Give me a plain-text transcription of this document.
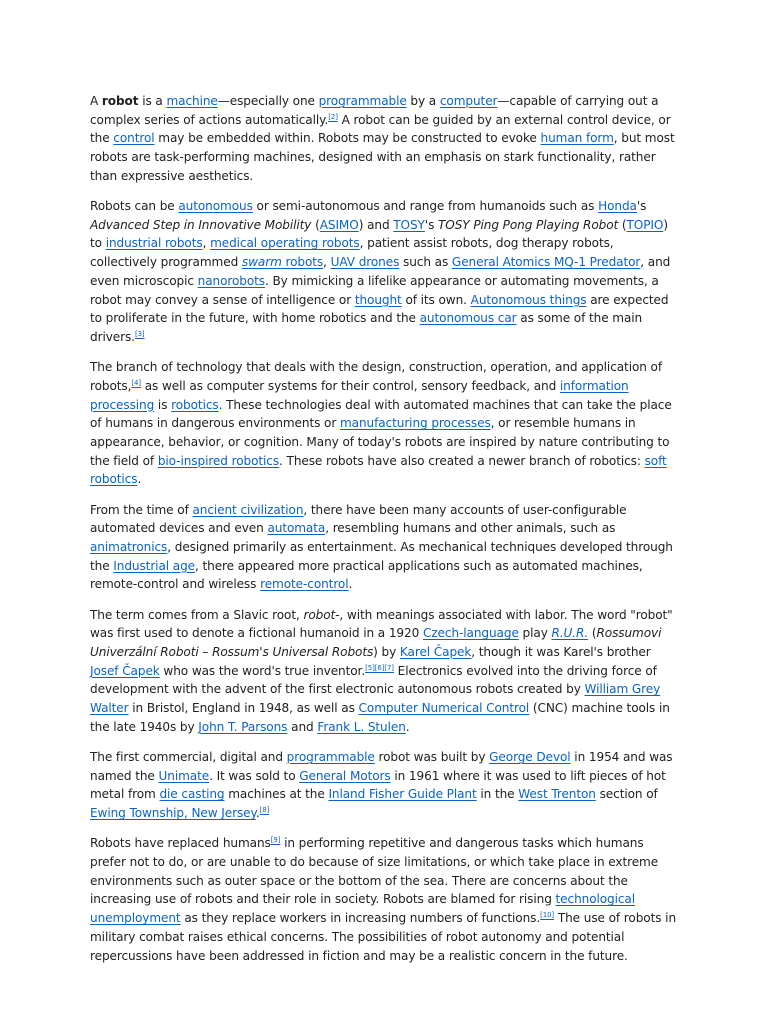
A robot is a machine—especially one programmable by a computer—capable of carrying out a complex series of actions automatically.[2] A robot can be guided by an external control device, or the control may be embedded within. Robots may be constructed to evoke human form, but most robots are task-performing machines, designed with an emphasis on stark functionality, rather than expressive aesthetics.

Robots can be autonomous or semi-autonomous and range from humanoids such as Honda's Advanced Step in Innovative Mobility (ASIMO) and TOSY's TOSY Ping Pong Playing Robot (TOPIO) to industrial robots, medical operating robots, patient assist robots, dog therapy robots, collectively programmed swarm robots, UAV drones such as General Atomics MQ-1 Predator, and even microscopic nanorobots. By mimicking a lifelike appearance or automating movements, a robot may convey a sense of intelligence or thought of its own. Autonomous things are expected to proliferate in the future, with home robotics and the autonomous car as some of the main drivers.[3]

The branch of technology that deals with the design, construction, operation, and application of robots,[4] as well as computer systems for their control, sensory feedback, and information processing is robotics. These technologies deal with automated machines that can take the place of humans in dangerous environments or manufacturing processes, or resemble humans in appearance, behavior, or cognition. Many of today's robots are inspired by nature contributing to the field of bio-inspired robotics. These robots have also created a newer branch of robotics: soft robotics.

From the time of ancient civilization, there have been many accounts of user-configurable automated devices and even automata, resembling humans and other animals, such as animatronics, designed primarily as entertainment. As mechanical techniques developed through the Industrial age, there appeared more practical applications such as automated machines, remote-control and wireless remote-control.

The term comes from a Slavic root, robot-, with meanings associated with labor. The word "robot" was first used to denote a fictional humanoid in a 1920 Czech-language play R.U.R. (Rossumovi Univerzální Roboti – Rossum's Universal Robots) by Karel Čapek, though it was Karel's brother Josef Čapek who was the word's true inventor.[5][6][7] Electronics evolved into the driving force of development with the advent of the first electronic autonomous robots created by William Grey Walter in Bristol, England in 1948, as well as Computer Numerical Control (CNC) machine tools in the late 1940s by John T. Parsons and Frank L. Stulen.

The first commercial, digital and programmable robot was built by George Devol in 1954 and was named the Unimate. It was sold to General Motors in 1961 where it was used to lift pieces of hot metal from die casting machines at the Inland Fisher Guide Plant in the West Trenton section of Ewing Township, New Jersey.[8]

Robots have replaced humans[9] in performing repetitive and dangerous tasks which humans prefer not to do, or are unable to do because of size limitations, or which take place in extreme environments such as outer space or the bottom of the sea. There are concerns about the increasing use of robots and their role in society. Robots are blamed for rising technological unemployment as they replace workers in increasing numbers of functions.[10] The use of robots in military combat raises ethical concerns. The possibilities of robot autonomy and potential repercussions have been addressed in fiction and may be a realistic concern in the future.
